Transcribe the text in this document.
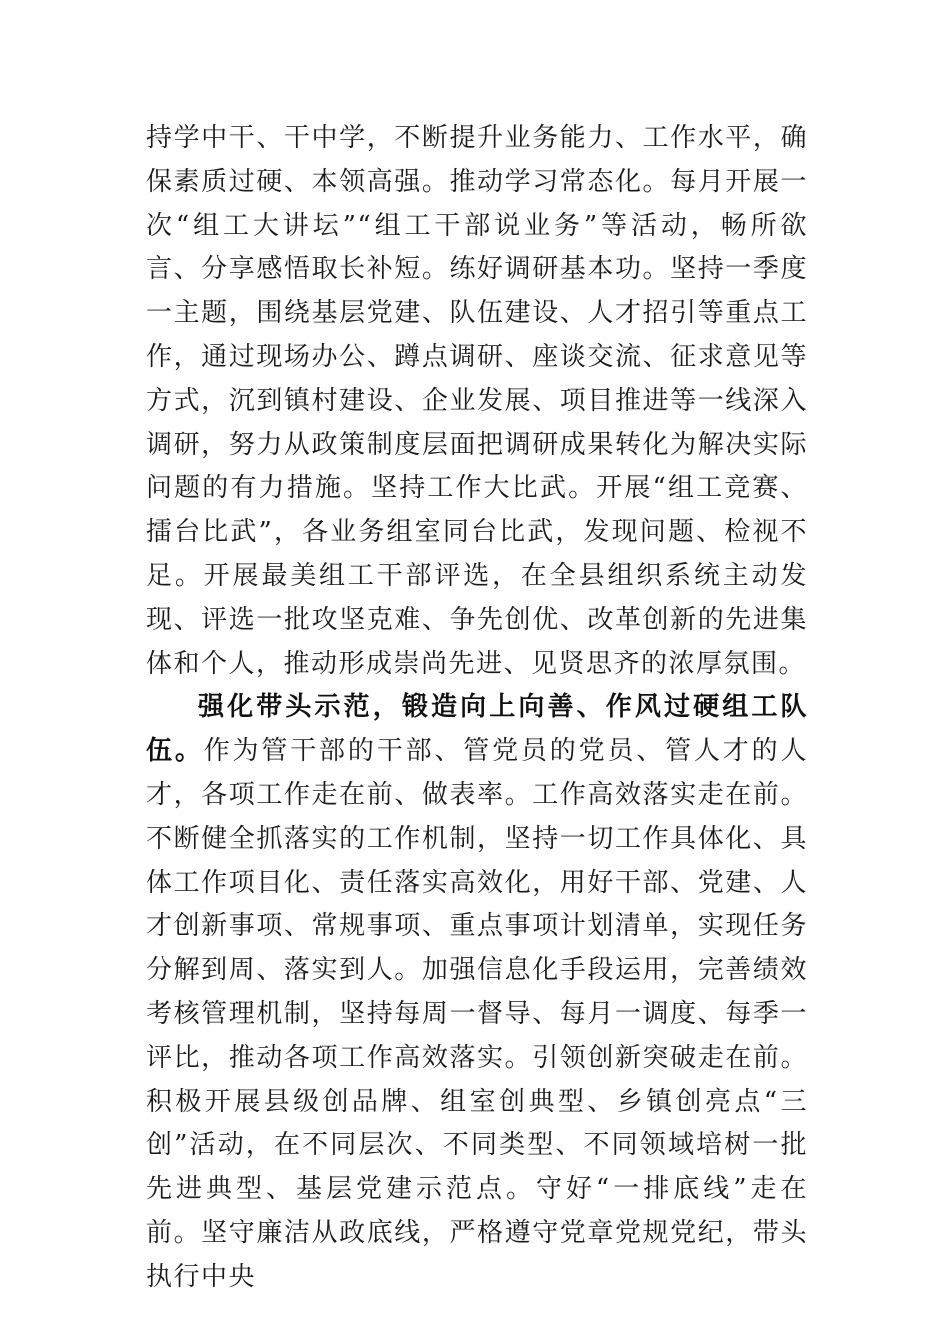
持学中干、干中学，不断提升业务能力、工作水平，确保素质过硬、本领高强。推动学习常态化。每月开展一次“组工大讲坛”“组工干部说业务”等活动，畅所欲言、分享感悟取长补短。练好调研基本功。坚持一季度一主题，围绕基层党建、队伍建设、人才招引等重点工作，通过现场办公、蹲点调研、座谈交流、征求意见等方式，沉到镇村建设、企业发展、项目推进等一线深入调研，努力从政策制度层面把调研成果转化为解决实际问题的有力措施。坚持工作大比武。开展“组工竞赛、擂台比武”，各业务组室同台比武，发现问题、检视不足。开展最美组工干部评选，在全县组织系统主动发现、评选一批攻坚克难、争先创优、改革创新的先进集体和个人，推动形成崇尚先进、见贤思齐的浓厚氛围。

强化带头示范，锻造向上向善、作风过硬组工队伍。作为管干部的干部、管党员的党员、管人才的人才，各项工作走在前、做表率。工作高效落实走在前。不断健全抓落实的工作机制，坚持一切工作具体化、具体工作项目化、责任落实高效化，用好干部、党建、人才创新事项、常规事项、重点事项计划清单，实现任务分解到周、落实到人。加强信息化手段运用，完善绩效考核管理机制，坚持每周一督导、每月一调度、每季一评比，推动各项工作高效落实。引领创新突破走在前。积极开展县级创品牌、组室创典型、乡镇创亮点“三创”活动，在不同层次、不同类型、不同领域培树一批先进典型、基层党建示范点。守好“一排底线”走在前。坚守廉洁从政底线，严格遵守党章党规党纪，带头执行中央
